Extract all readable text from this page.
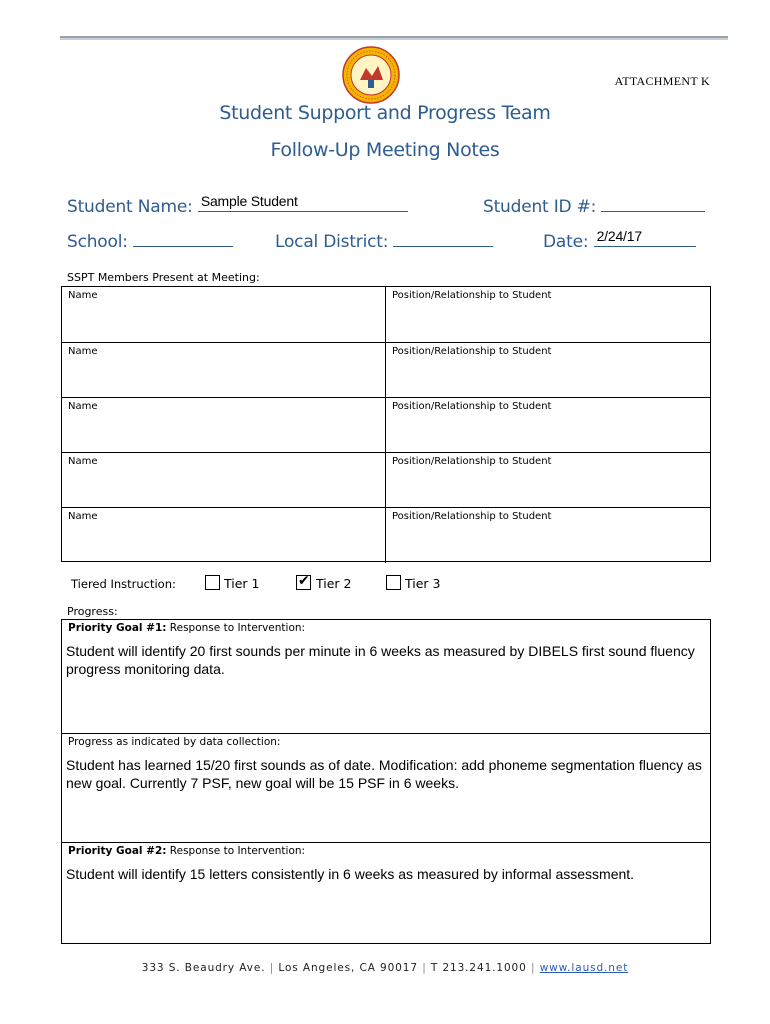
ATTACHMENT K
Student Support and Progress Team
Follow-Up Meeting Notes
Student Name: Sample Student	Student ID #:
School:	Local District:	Date: 2/24/17
SSPT Members Present at Meeting:
Name	Position/Relationship to Student
Name	Position/Relationship to Student
Name	Position/Relationship to Student
Name	Position/Relationship to Student
Name	Position/Relationship to Student
Tiered Instruction:	Tier 1	✔ Tier 2	Tier 3
Progress:
Priority Goal #1: Response to Intervention:
Student will identify 20 first sounds per minute in 6 weeks as measured by DIBELS first sound fluency progress monitoring data.
Progress as indicated by data collection:
Student has learned 15/20 first sounds as of date. Modification: add phoneme segmentation fluency as new goal. Currently 7 PSF, new goal will be 15 PSF in 6 weeks.
Priority Goal #2: Response to Intervention:
Student will identify 15 letters consistently in 6 weeks as measured by informal assessment.
333 S. Beaudry Ave. | Los Angeles, CA 90017 | T 213.241.1000 | www.lausd.net
